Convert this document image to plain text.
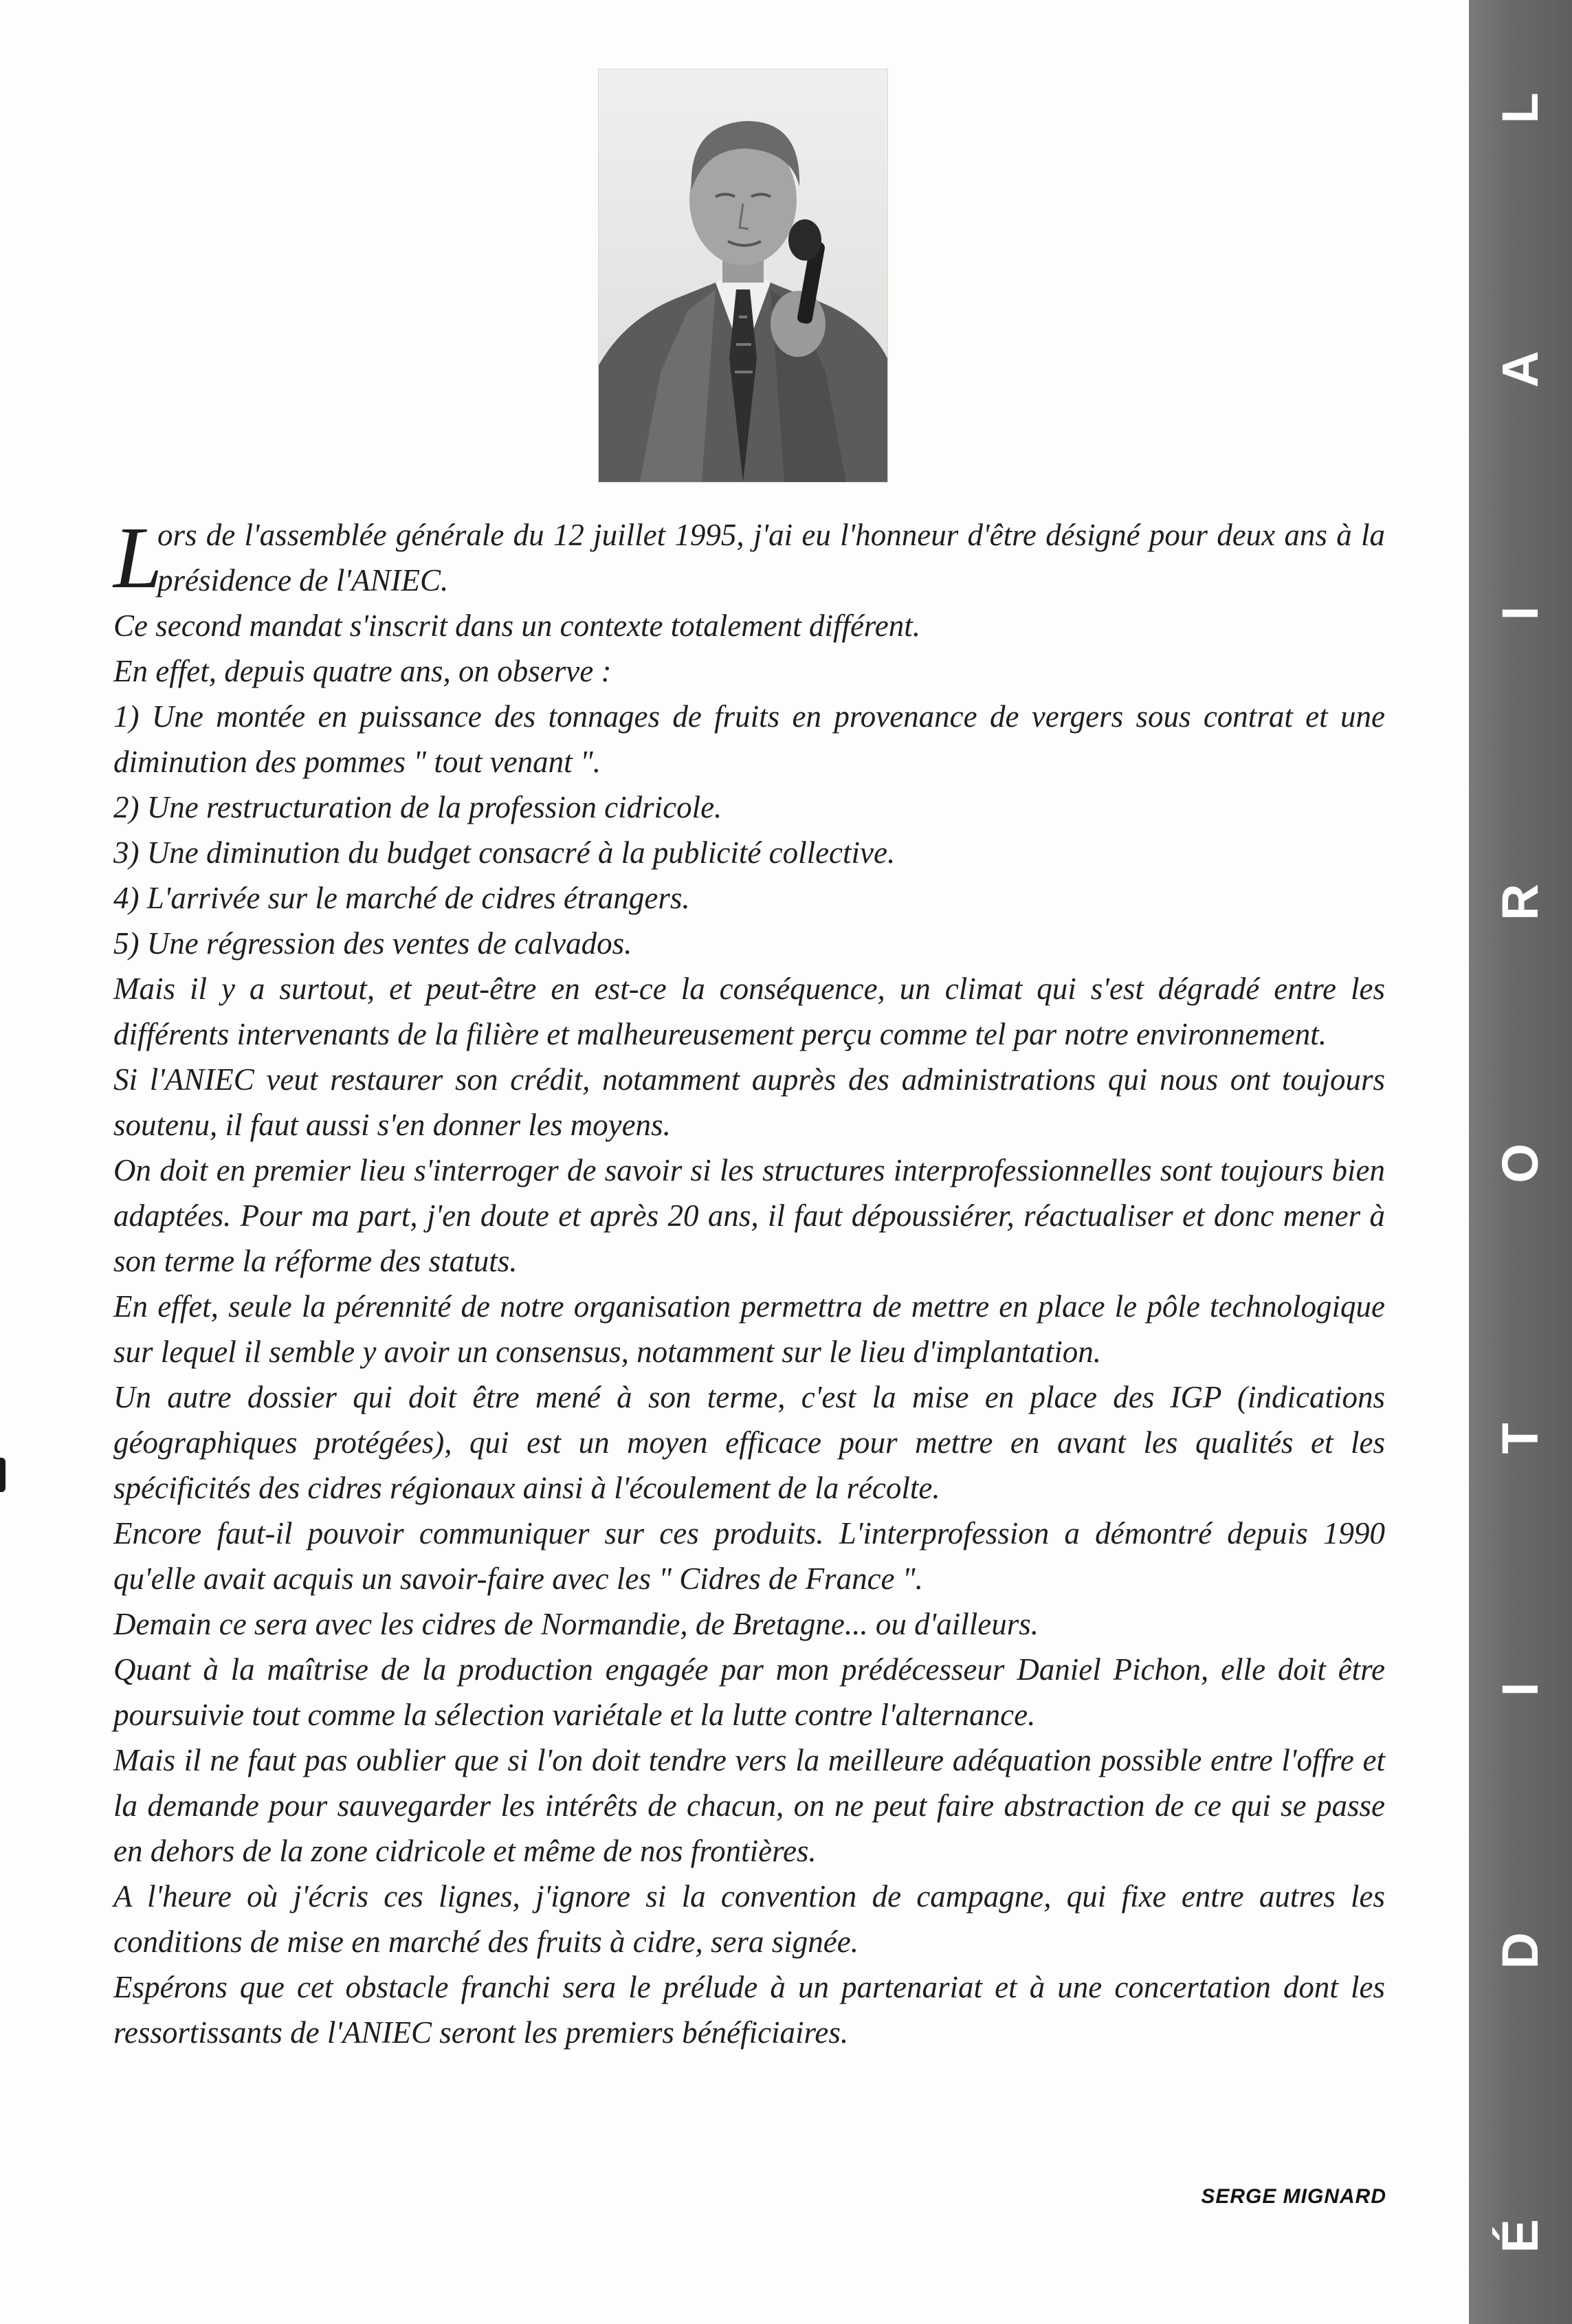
L
ors de l'assemblée générale du 12 juillet 1995, j'ai eu l'honneur d'être désigné pour deux ans à la présidence de l'ANIEC.

Ce second mandat s'inscrit dans un contexte totalement différent.

En effet, depuis quatre ans, on observe :

1) Une montée en puissance des tonnages de fruits en provenance de vergers sous contrat et une diminution des pommes " tout venant ".

2) Une restructuration de la profession cidricole.

3) Une diminution du budget consacré à la publicité collective.

4) L'arrivée sur le marché de cidres étrangers.

5) Une régression des ventes de calvados.

Mais il y a surtout, et peut-être en est-ce la conséquence, un climat qui s'est dégradé entre les différents intervenants de la filière et malheureusement perçu comme tel par notre environnement.

Si l'ANIEC veut restaurer son crédit, notamment auprès des administrations qui nous ont toujours soutenu, il faut aussi s'en donner les moyens.

On doit en premier lieu s'interroger de savoir si les structures interprofessionnelles sont toujours bien adaptées. Pour ma part, j'en doute et après 20 ans, il faut dépoussiérer, réactualiser et donc mener à son terme la réforme des statuts.

En effet, seule la pérennité de notre organisation permettra de mettre en place le pôle technologique sur lequel il semble y avoir un consensus, notamment sur le lieu d'implantation.

Un autre dossier qui doit être mené à son terme, c'est la mise en place des IGP (indications géographiques protégées), qui est un moyen efficace pour mettre en avant les qualités et les spécificités des cidres régionaux ainsi à l'écoulement de la récolte.

Encore faut-il pouvoir communiquer sur ces produits. L'interprofession a démontré depuis 1990 qu'elle avait acquis un savoir-faire avec les " Cidres de France ".

Demain ce sera avec les cidres de Normandie, de Bretagne... ou d'ailleurs.

Quant à la maîtrise de la production engagée par mon prédécesseur Daniel Pichon, elle doit être poursuivie tout comme la sélection variétale et la lutte contre l'alternance.

Mais il ne faut pas oublier que si l'on doit tendre vers la meilleure adéquation possible entre l'offre et la demande pour sauvegarder les intérêts de chacun, on ne peut faire abstraction de ce qui se passe en dehors de la zone cidricole et même de nos frontières.

A l'heure où j'écris ces lignes, j'ignore si la convention de campagne, qui fixe entre autres les conditions de mise en marché des fruits à cidre, sera signée.

Espérons que cet obstacle franchi sera le prélude à un partenariat et à une concertation dont les ressortissants de l'ANIEC seront les premiers bénéficiaires.

SERGE MIGNARD
L
A
I
R
O
T
I
D
É
